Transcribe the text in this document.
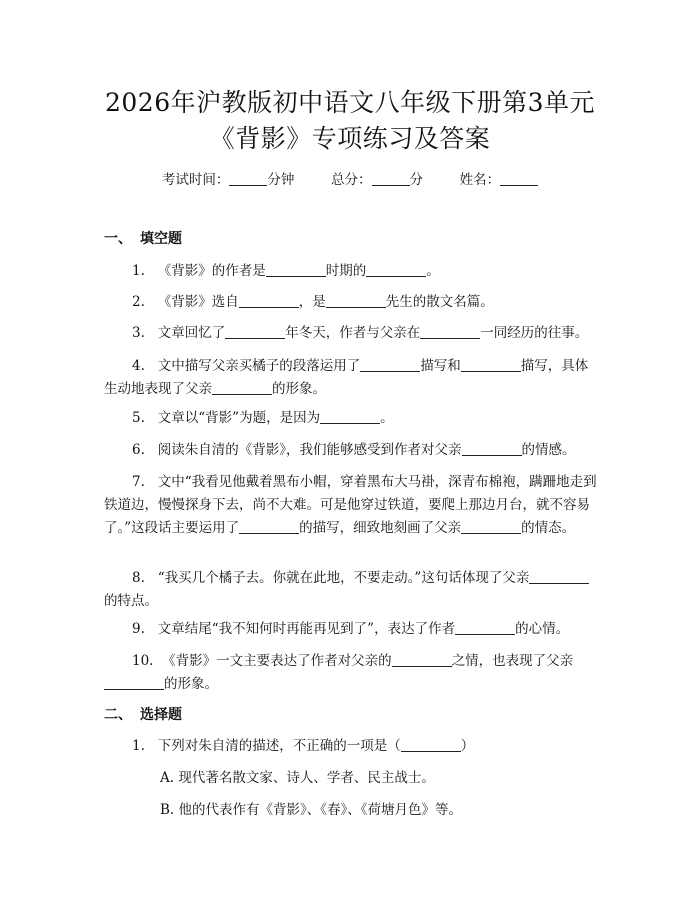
2026年沪教版初中语文八年级下册第3单元
《背影》专项练习及答案
考试时间：	分钟	总分：	分	姓名：
一、 填空题
1. 《背影》的作者是	时期的	。
2. 《背影》选自	，是	先生的散文名篇。
3. 文章回忆了	年冬天，作者与父亲在	一同经历的往事。
4. 文中描写父亲买橘子的段落运用了	描写和	描写，具体生动地表现了父亲	的形象。
5. 文章以“背影”为题，是因为	。
6. 阅读朱自清的《背影》，我们能够感受到作者对父亲	的情感。
7. 文中“我看见他戴着黑布小帽，穿着黑布大马褂，深青布棉袍，蹒跚地走到铁道边，慢慢探身下去，尚不大难。可是他穿过铁道，要爬上那边月台，就不容易了。”这段话主要运用了	的描写，细致地刻画了父亲	的情态。
8. “我买几个橘子去。你就在此地，不要走动。”这句话体现了父亲的特点。
9. 文章结尾“我不知何时再能再见到了”，表达了作者	的心情。
10. 《背影》一文主要表达了作者对父亲的	之情，也表现了父亲的形象。
二、 选择题
1. 下列对朱自清的描述，不正确的一项是（	）
A. 现代著名散文家、诗人、学者、民主战士。
B. 他的代表作有《背影》、《春》、《荷塘月色》等。
